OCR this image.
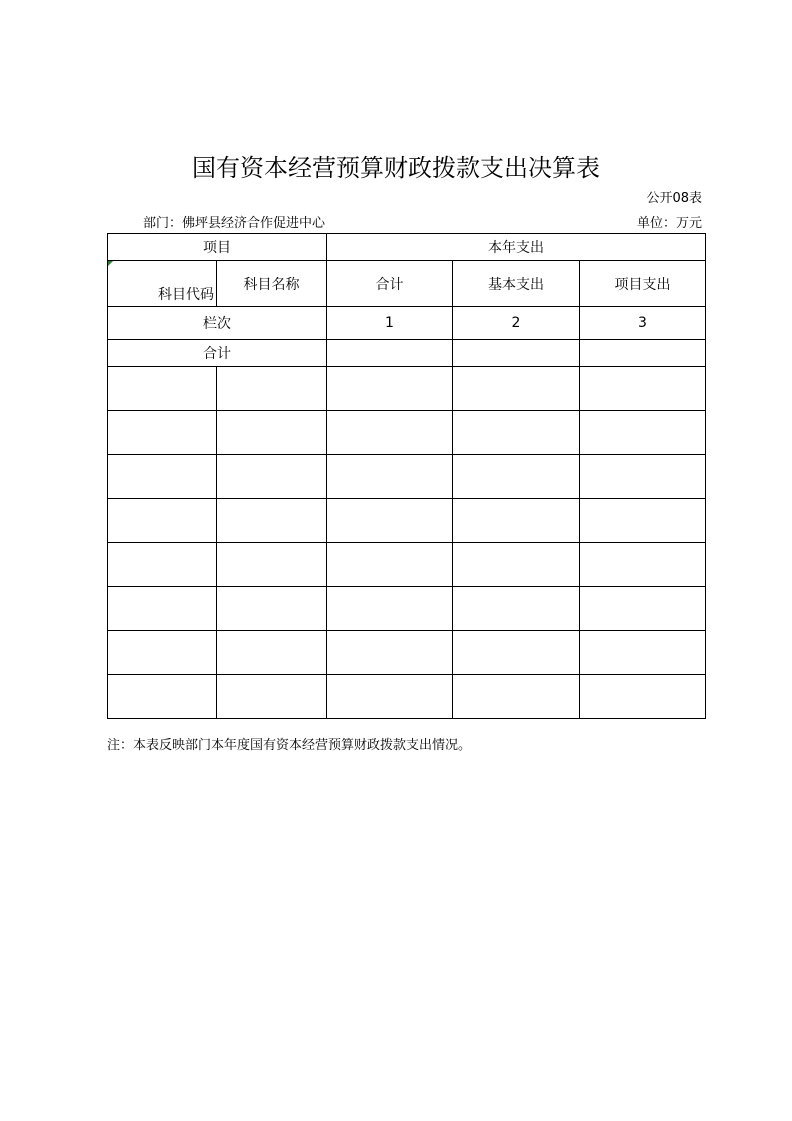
国有资本经营预算财政拨款支出决算表
公开08表
部门：佛坪县经济合作促进中心	单位：万元
项目		本年支出		

科目代码	科目名称	合计	基本支出	项目支出
栏次		1	2	3
合计				

注：本表反映部门本年度国有资本经营预算财政拨款支出情况。
